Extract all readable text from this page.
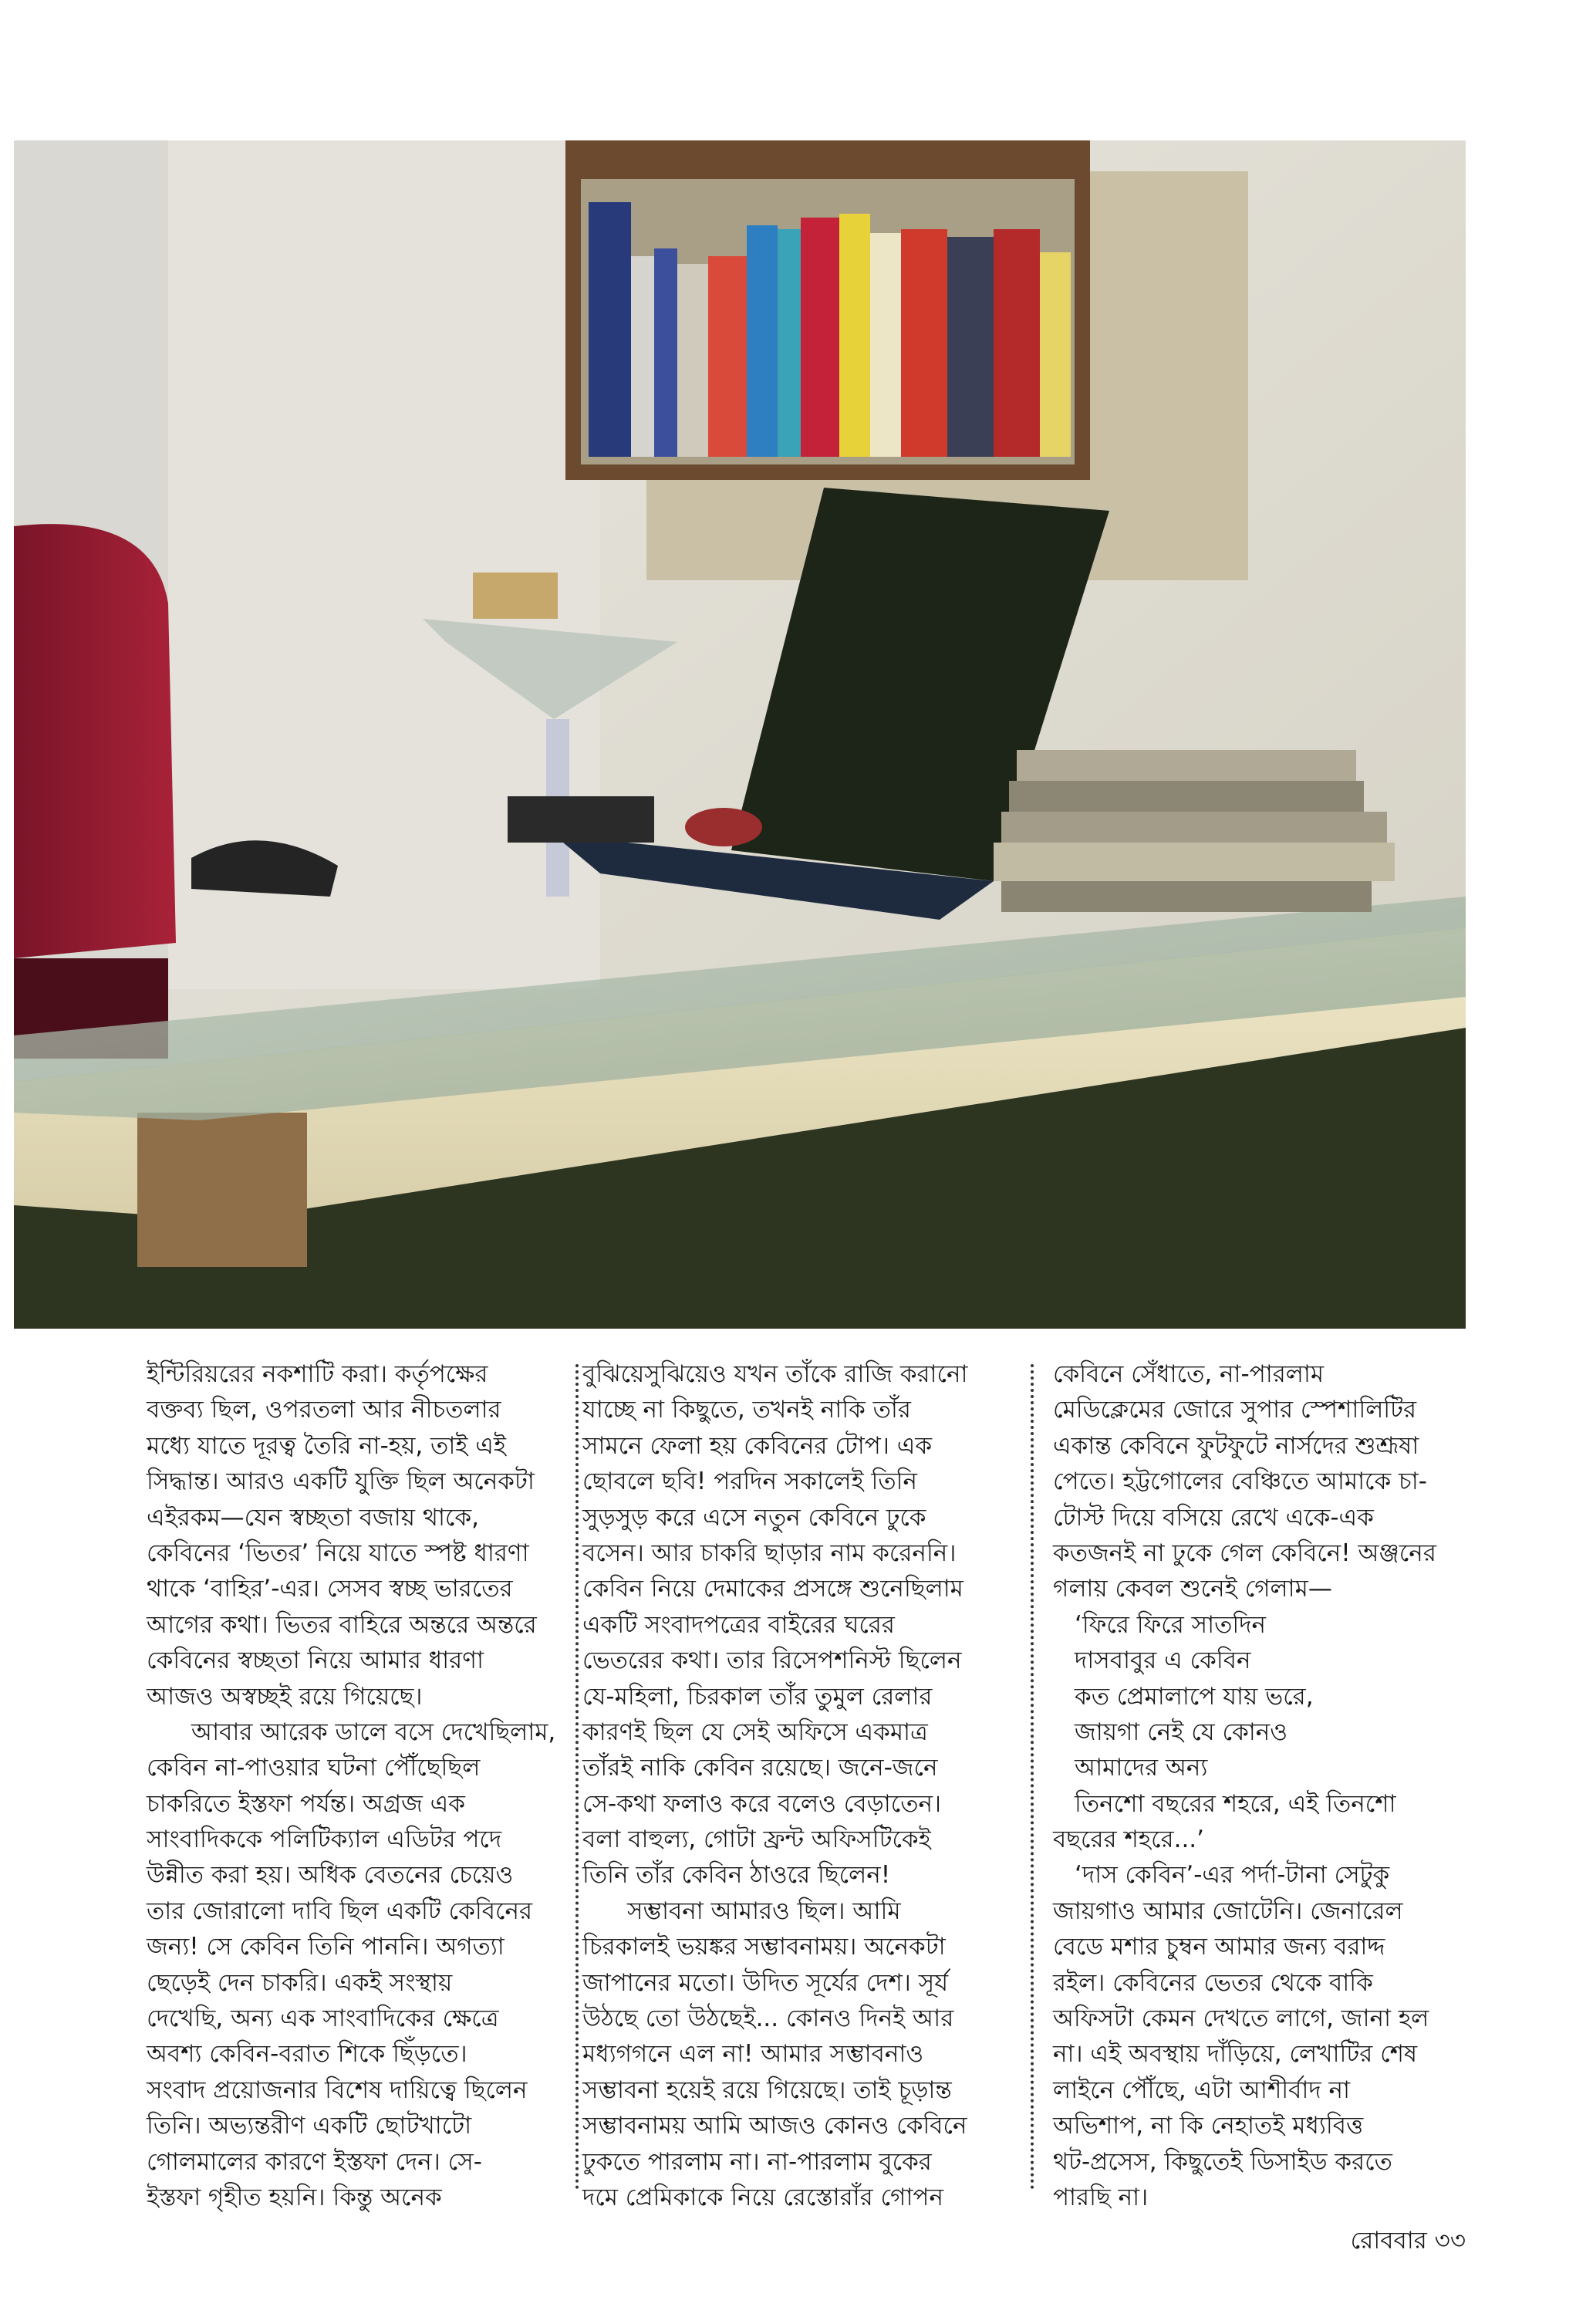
ইন্টিরিয়রের নকশাটি করা। কর্তৃপক্ষের
বক্তব্য ছিল, ওপরতলা আর নীচতলার
মধ্যে যাতে দূরত্ব তৈরি না-হয়, তাই এই
সিদ্ধান্ত। আরও একটি যুক্তি ছিল অনেকটা
এইরকম—যেন স্বচ্ছতা বজায় থাকে,
কেবিনের ‘ভিতর’ নিয়ে যাতে স্পষ্ট ধারণা
থাকে ‘বাহির’-এর। সেসব স্বচ্ছ ভারতের
আগের কথা। ভিতর বাহিরে অন্তরে অন্তরে
কেবিনের স্বচ্ছতা নিয়ে আমার ধারণা
আজও অস্বচ্ছই রয়ে গিয়েছে।
আবার আরেক ডালে বসে দেখেছিলাম,
কেবিন না-পাওয়ার ঘটনা পৌঁছেছিল
চাকরিতে ইস্তফা পর্যন্ত। অগ্রজ এক
সাংবাদিককে পলিটিক্যাল এডিটর পদে
উন্নীত করা হয়। অধিক বেতনের চেয়েও
তার জোরালো দাবি ছিল একটি কেবিনের
জন্য! সে কেবিন তিনি পাননি। অগত্যা
ছেড়েই দেন চাকরি। একই সংস্থায়
দেখেছি, অন্য এক সাংবাদিকের ক্ষেত্রে
অবশ্য কেবিন-বরাত শিকে ছিঁড়তে।
সংবাদ প্রয়োজনার বিশেষ দায়িত্বে ছিলেন
তিনি। অভ্যন্তরীণ একটি ছোটখাটো
গোলমালের কারণে ইস্তফা দেন। সে-
ইস্তফা গৃহীত হয়নি। কিন্তু অনেক
বুঝিয়েসুঝিয়েও যখন তাঁকে রাজি করানো
যাচ্ছে না কিছুতে, তখনই নাকি তাঁর
সামনে ফেলা হয় কেবিনের টোপ। এক
ছোবলে ছবি! পরদিন সকালেই তিনি
সুড়সুড় করে এসে নতুন কেবিনে ঢুকে
বসেন। আর চাকরি ছাড়ার নাম করেননি।
কেবিন নিয়ে দেমাকের প্রসঙ্গে শুনেছিলাম
একটি সংবাদপত্রের বাইরের ঘরের
ভেতরের কথা। তার রিসেপশনিস্ট ছিলেন
যে-মহিলা, চিরকাল তাঁর তুমুল রেলার
কারণই ছিল যে সেই অফিসে একমাত্র
তাঁরই নাকি কেবিন রয়েছে। জনে-জনে
সে-কথা ফলাও করে বলেও বেড়াতেন।
বলা বাহুল্য, গোটা ফ্রন্ট অফিসটিকেই
তিনি তাঁর কেবিন ঠাওরে ছিলেন!
সম্ভাবনা আমারও ছিল। আমি
চিরকালই ভয়ঙ্কর সম্ভাবনাময়। অনেকটা
জাপানের মতো। উদিত সূর্যের দেশ। সূর্য
উঠছে তো উঠছেই... কোনও দিনই আর
মধ্যগগনে এল না! আমার সম্ভাবনাও
সম্ভাবনা হয়েই রয়ে গিয়েছে। তাই চূড়ান্ত
সম্ভাবনাময় আমি আজও কোনও কেবিনে
ঢুকতে পারলাম না। না-পারলাম বুকের
দমে প্রেমিকাকে নিয়ে রেস্তোরাঁর গোপন
কেবিনে সেঁধাতে, না-পারলাম
মেডিক্লেমের জোরে সুপার স্পেশালিটির
একান্ত কেবিনে ফুটফুটে নার্সদের শুশ্রূষা
পেতে। হট্টগোলের বেঞ্চিতে আমাকে চা-
টোস্ট দিয়ে বসিয়ে রেখে একে-এক
কতজনই না ঢুকে গেল কেবিনে! অঞ্জনের
গলায় কেবল শুনেই গেলাম—
‘ফিরে ফিরে সাতদিন
দাসবাবুর এ কেবিন
কত প্রেমালাপে যায় ভরে,
জায়গা নেই যে কোনও
আমাদের অন্য
তিনশো বছরের শহরে, এই তিনশো
বছরের শহরে...’
‘দাস কেবিন’-এর পর্দা-টানা সেটুকু
জায়গাও আমার জোটেনি। জেনারেল
বেডে মশার চুম্বন আমার জন্য বরাদ্দ
রইল। কেবিনের ভেতর থেকে বাকি
অফিসটা কেমন দেখতে লাগে, জানা হল
না। এই অবস্থায় দাঁড়িয়ে, লেখাটির শেষ
লাইনে পৌঁছে, এটা আশীর্বাদ না
অভিশাপ, না কি নেহাতই মধ্যবিত্ত
থট-প্রসেস, কিছুতেই ডিসাইড করতে
পারছি না।
রোববার ৩৩
